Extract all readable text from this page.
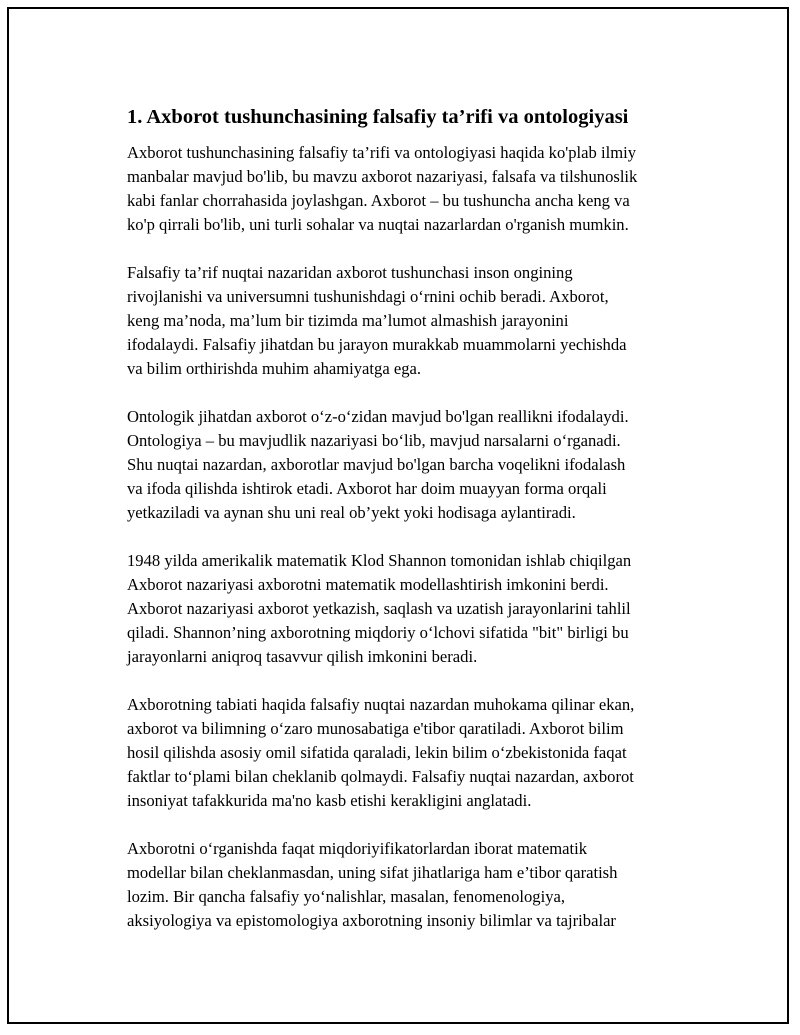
1. Axborot tushunchasining falsafiy ta’rifi va ontologiyasi

Axborot tushunchasining falsafiy ta’rifi va ontologiyasi haqida ko'plab ilmiy
manbalar mavjud bo'lib, bu mavzu axborot nazariyasi, falsafa va tilshunoslik
kabi fanlar chorrahasida joylashgan. Axborot – bu tushuncha ancha keng va
ko'p qirrali bo'lib, uni turli sohalar va nuqtai nazarlardan o'rganish mumkin.

Falsafiy ta’rif nuqtai nazaridan axborot tushunchasi inson ongining
rivojlanishi va universumni tushunishdagi o‘rnini ochib beradi. Axborot,
keng ma’noda, ma’lum bir tizimda ma’lumot almashish jarayonini
ifodalaydi. Falsafiy jihatdan bu jarayon murakkab muammolarni yechishda
va bilim orthirishda muhim ahamiyatga ega.

Ontologik jihatdan axborot o‘z-o‘zidan mavjud bo'lgan reallikni ifodalaydi.
Ontologiya – bu mavjudlik nazariyasi bo‘lib, mavjud narsalarni o‘rganadi.
Shu nuqtai nazardan, axborotlar mavjud bo'lgan barcha voqelikni ifodalash
va ifoda qilishda ishtirok etadi. Axborot har doim muayyan forma orqali
yetkaziladi va aynan shu uni real ob’yekt yoki hodisaga aylantiradi.

1948 yilda amerikalik matematik Klod Shannon tomonidan ishlab chiqilgan
Axborot nazariyasi axborotni matematik modellashtirish imkonini berdi.
Axborot nazariyasi axborot yetkazish, saqlash va uzatish jarayonlarini tahlil
qiladi. Shannon’ning axborotning miqdoriy o‘lchovi sifatida "bit" birligi bu
jarayonlarni aniqroq tasavvur qilish imkonini beradi.

Axborotning tabiati haqida falsafiy nuqtai nazardan muhokama qilinar ekan,
axborot va bilimning o‘zaro munosabatiga e'tibor qaratiladi. Axborot bilim
hosil qilishda asosiy omil sifatida qaraladi, lekin bilim o‘zbekistonida faqat
faktlar to‘plami bilan cheklanib qolmaydi. Falsafiy nuqtai nazardan, axborot
insoniyat tafakkurida ma'no kasb etishi kerakligini anglatadi.

Axborotni o‘rganishda faqat miqdoriyifikatorlardan iborat matematik
modellar bilan cheklanmasdan, uning sifat jihatlariga ham e’tibor qaratish
lozim. Bir qancha falsafiy yo‘nalishlar, masalan, fenomenologiya,
aksiyologiya va epistomologiya axborotning insoniy bilimlar va tajribalar
